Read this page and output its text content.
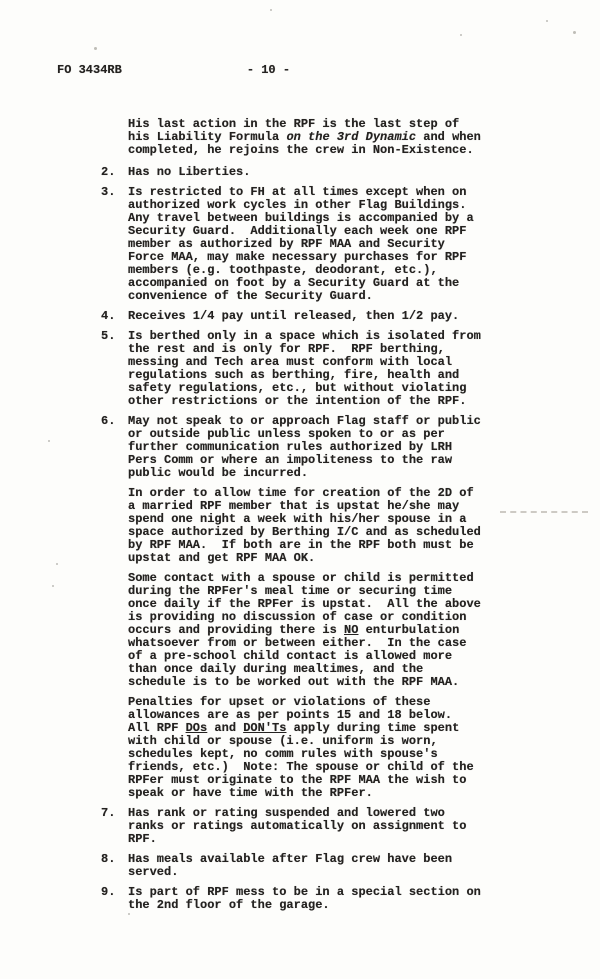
FO 3434RB	- 10 -

His last action in the RPF is the last step of his Liability Formula on the 3rd Dynamic and when completed, he rejoins the crew in Non-Existence.

2.	Has no Liberties.

3.	Is restricted to FH at all times except when on authorized work cycles in other Flag Buildings.  Any travel between buildings is accompanied by a Security Guard.  Additionally each week one RPF member as authorized by RPF MAA and Security Force MAA, may make necessary purchases for RPF members (e.g. toothpaste, deodorant, etc.), accompanied on foot by a Security Guard at the convenience of the Security Guard.

4.	Receives 1/4 pay until released, then 1/2 pay.

5.	Is berthed only in a space which is isolated from the rest and is only for RPF.  RPF berthing, messing and Tech area must conform with local regulations such as berthing, fire, health and safety regulations, etc., but without violating other restrictions or the intention of the RPF.

6.	May not speak to or approach Flag staff or public or outside public unless spoken to or as per further communication rules authorized by LRH Pers Comm or where an impoliteness to the raw public would be incurred.

In order to allow time for creation of the 2D of a married RPF member that is upstat he/she may spend one night a week with his/her spouse in a space authorized by Berthing I/C and as scheduled by RPF MAA.  If both are in the RPF both must be upstat and get RPF MAA OK.

Some contact with a spouse or child is permitted during the RPFer's meal time or securing time once daily if the RPFer is upstat.  All the above is providing no discussion of case or condition occurs and providing there is NO enturbulation whatsoever from or between either.  In the case of a pre-school child contact is allowed more than once daily during mealtimes, and the schedule is to be worked out with the RPF MAA.

Penalties for upset or violations of these allowances are as per points 15 and 18 below.  All RPF DOs and DON'Ts apply during time spent with child or spouse (i.e. uniform is worn, schedules kept, no comm rules with spouse's friends, etc.)  Note: The spouse or child of the RPFer must originate to the RPF MAA the wish to speak or have time with the RPFer.

7.	Has rank or rating suspended and lowered two ranks or ratings automatically on assignment to RPF.

8.	Has meals available after Flag crew have been served.

9.	Is part of RPF mess to be in a special section on the 2nd floor of the garage.
